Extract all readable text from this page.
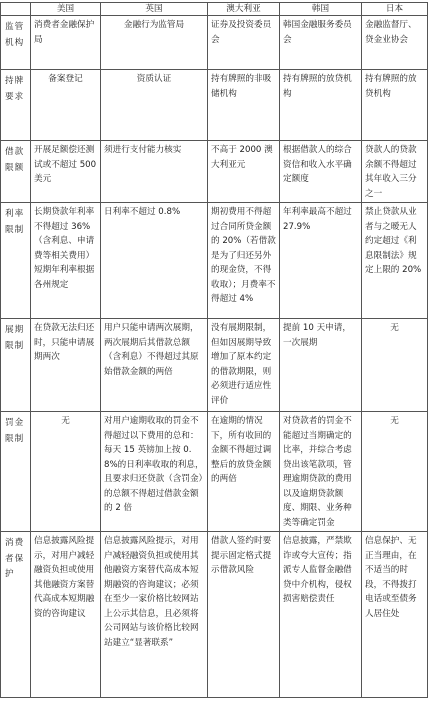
	美国	英国	澳大利亚	韩国	日本
监管机构	消费者金融保护局	金融行为监管局	证券及投资委员会	韩国金融服务委员会	金融监督厅、贷金业协会
持牌要求	备案登记	资质认证	持有牌照的非吸储机构	持有牌照的放贷机构	持有牌照的放贷机构
借款限额	开展足额偿还测试或不超过 500 美元	须进行支付能力核实	不高于 2000 澳大利亚元	根据借款人的综合资信和收入水平确定额度	贷款人的贷款余额不得超过其年收入三分之一
利率限制	长期贷款年利率不得超过 36%（含利息、申请费等相关费用）短期年利率根据各州规定	日利率不超过 0.8%	期初费用不得超过合同所贷金额的 20%（若借款是为了归还另外的现金贷，不得收取）；月费率不得超过 4%	年利率最高不超过 27.9%	禁止贷款从业者与之暧无人约定超过《利息限制法》规定上限的 20%
展期限制	在贷款无法归还时，只能申请展期两次	用户只能申请两次展期，两次展期后其借款总额（含利息）不得超过其原始借款金额的两倍	没有展期限制，但如因展期导致增加了原本约定的借款期限，则必须进行适应性评价	提前 10 天申请，一次展期	无
罚金限制	无	对用户逾期收取的罚金不得超过以下费用的总和：每天 15 英镑加上按 0.8%的日利率收取的利息，且要求归还贷款（含罚金）的总额不得超过借款金额的 2 倍	在逾期的情况下，所有收回的金额不得超过调整后的放贷金额的两倍	对贷款者的罚金不能超过当期确定的比率，并综合考虑贷出该笔款项，管理逾期贷款的费用以及逾期贷款额度、期限、业务种类等确定罚金	无
消费者保护	信息披露风险提示，对用户减轻融资负担或使用其他融资方案替代高成本短期融资的咨询建议	信息披露风险提示，对用户减轻融资负担或使用其他融资方案替代高成本短期融资的咨询建议；必须在至少一家价格比较网站上公示其信息，且必须将公司网站与该价格比较网站建立“显著联系”	借款人签约时要提示固定格式提示借款风险	信息披露，严禁欺诈或夸大宣传；指派专人监督金融借贷中介机构，侵权损害赔偿责任	信息保护、无正当理由，在不适当的时段，不得拨打电话或至债务人居住处
